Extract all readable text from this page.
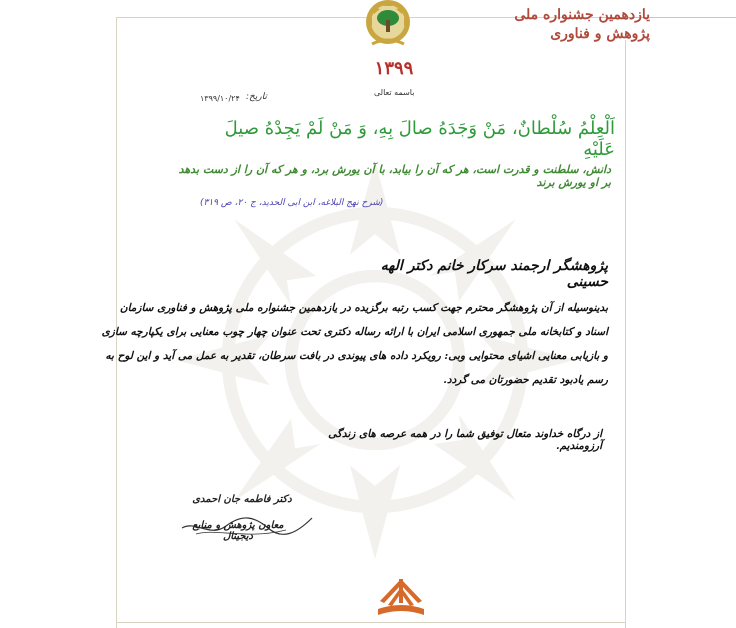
یازدهمین جشنواره ملی
پژوهش و فناوری
۱۳۹۹
باسمه تعالی
تاریخ:
۱۳۹۹/۱۰/۲۴
اَلْعِلْمُ سُلْطانٌ، مَنْ وَجَدَهُ صالَ بِهِ، وَ مَنْ لَمْ یَجِدْهُ صیلَ عَلَیْهِ
دانش، سلطنت و قدرت است، هر که آن را بیابد، با آن یورش برد، و هر که آن را از دست بدهد بر او یورش برند
(شرح نهج البلاغه، ابن ابی الحدید، ج ۲۰، ص ۳۱۹)
پژوهشگر ارجمند سرکار خانم دکتر الهه حسینی
بدینوسیله از آن پژوهشگر محترم جهت کسب رتبه برگزیده در یازدهمین جشنواره ملی پژوهش و فناوری سازمان
اسناد و کتابخانه ملی جمهوری اسلامی ایران با ارائه رساله دکتری تحت عنوان چهار چوب معنایی برای یکپارچه سازی
و بازیابی معنایی اشیای محتوایی وبی: رویکرد داده های پیوندی در بافت سرطان، تقدیر به عمل می آید و این لوح به
رسم یادبود تقدیم حضورتان می گردد.
از درگاه خداوند متعال توفیق شما را در همه عرصه های زندگی آرزومندیم.
دکتر فاطمه جان احمدی
معاون پژوهش و منابع دیجیتال
